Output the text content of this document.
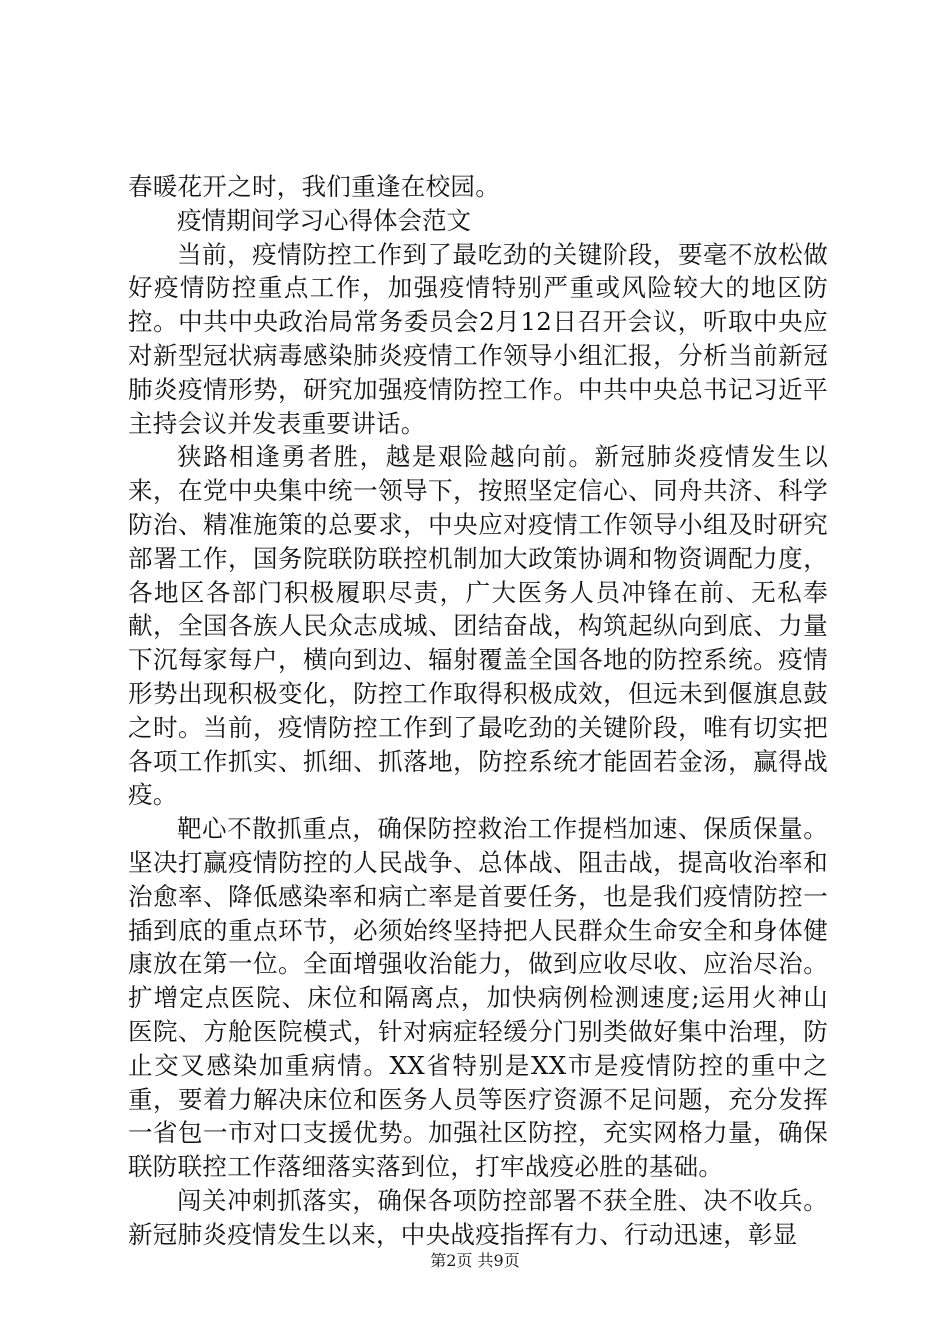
春暖花开之时，我们重逢在校园。

疫情期间学习心得体会范文

当前，疫情防控工作到了最吃劲的关键阶段，要毫不放松做好疫情防控重点工作，加强疫情特别严重或风险较大的地区防控。中共中央政治局常务委员会2月12日召开会议，听取中央应对新型冠状病毒感染肺炎疫情工作领导小组汇报，分析当前新冠肺炎疫情形势，研究加强疫情防控工作。中共中央总书记习近平主持会议并发表重要讲话。

狭路相逢勇者胜，越是艰险越向前。新冠肺炎疫情发生以来，在党中央集中统一领导下，按照坚定信心、同舟共济、科学防治、精准施策的总要求，中央应对疫情工作领导小组及时研究部署工作，国务院联防联控机制加大政策协调和物资调配力度，各地区各部门积极履职尽责，广大医务人员冲锋在前、无私奉献，全国各族人民众志成城、团结奋战，构筑起纵向到底、力量下沉每家每户，横向到边、辐射覆盖全国各地的防控系统。疫情形势出现积极变化，防控工作取得积极成效，但远未到偃旗息鼓之时。当前，疫情防控工作到了最吃劲的关键阶段，唯有切实把各项工作抓实、抓细、抓落地，防控系统才能固若金汤，赢得战疫。

靶心不散抓重点，确保防控救治工作提档加速、保质保量。坚决打赢疫情防控的人民战争、总体战、阻击战，提高收治率和治愈率、降低感染率和病亡率是首要任务，也是我们疫情防控一插到底的重点环节，必须始终坚持把人民群众生命安全和身体健康放在第一位。全面增强收治能力，做到应收尽收、应治尽治。扩增定点医院、床位和隔离点，加快病例检测速度;运用火神山医院、方舱医院模式，针对病症轻缓分门别类做好集中治理，防止交叉感染加重病情。XX省特别是XX市是疫情防控的重中之重，要着力解决床位和医务人员等医疗资源不足问题，充分发挥一省包一市对口支援优势。加强社区防控，充实网格力量，确保联防联控工作落细落实落到位，打牢战疫必胜的基础。

闯关冲刺抓落实，确保各项防控部署不获全胜、决不收兵。新冠肺炎疫情发生以来，中央战疫指挥有力、行动迅速，彰显

第2页 共9页
